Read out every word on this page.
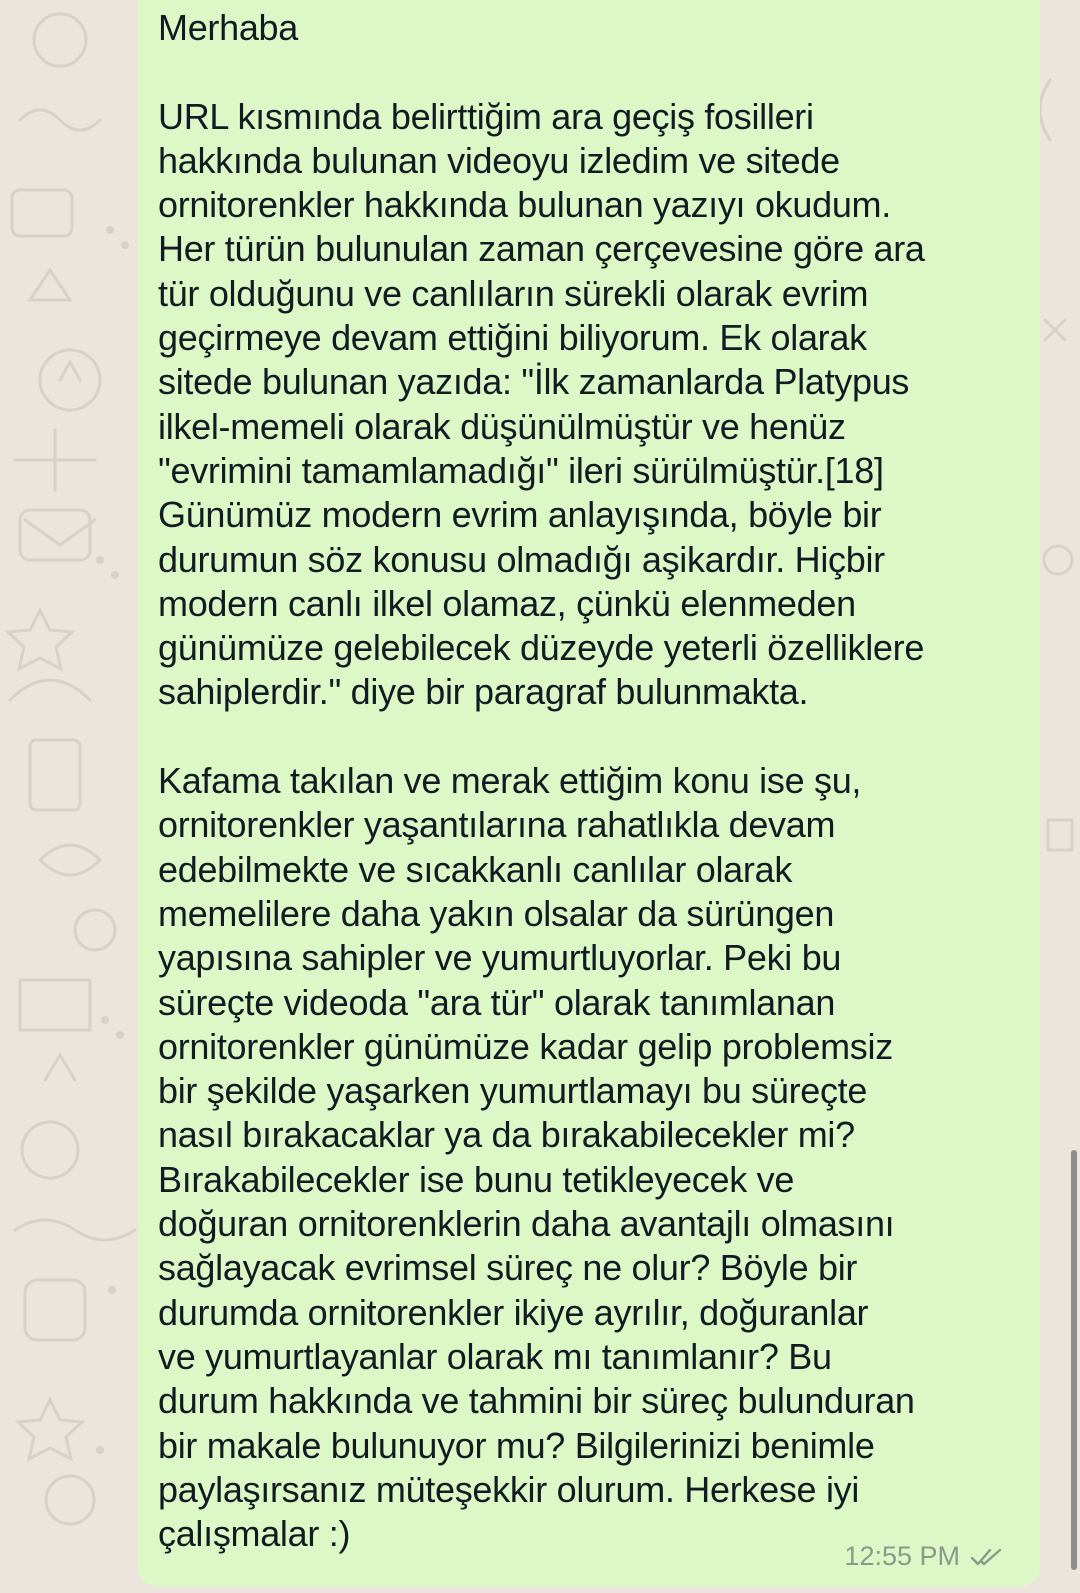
Merhaba

URL kısmında belirttiğim ara geçiş fosilleri
hakkında bulunan videoyu izledim ve sitede
ornitorenkler hakkında bulunan yazıyı okudum.
Her türün bulunulan zaman çerçevesine göre ara
tür olduğunu ve canlıların sürekli olarak evrim
geçirmeye devam ettiğini biliyorum. Ek olarak
sitede bulunan yazıda: "İlk zamanlarda Platypus
ilkel-memeli olarak düşünülmüştür ve henüz
"evrimini tamamlamadığı" ileri sürülmüştür.[18]
Günümüz modern evrim anlayışında, böyle bir
durumun söz konusu olmadığı aşikardır. Hiçbir
modern canlı ilkel olamaz, çünkü elenmeden
günümüze gelebilecek düzeyde yeterli özelliklere
sahiplerdir." diye bir paragraf bulunmakta.

Kafama takılan ve merak ettiğim konu ise şu,
ornitorenkler yaşantılarına rahatlıkla devam
edebilmekte ve sıcakkanlı canlılar olarak
memelilere daha yakın olsalar da sürüngen
yapısına sahipler ve yumurtluyorlar. Peki bu
süreçte videoda "ara tür" olarak tanımlanan
ornitorenkler günümüze kadar gelip problemsiz
bir şekilde yaşarken yumurtlamayı bu süreçte
nasıl bırakacaklar ya da bırakabilecekler mi?
Bırakabilecekler ise bunu tetikleyecek ve
doğuran ornitorenklerin daha avantajlı olmasını
sağlayacak evrimsel süreç ne olur? Böyle bir
durumda ornitorenkler ikiye ayrılır, doğuranlar
ve yumurtlayanlar olarak mı tanımlanır? Bu
durum hakkında ve tahmini bir süreç bulunduran
bir makale bulunuyor mu? Bilgilerinizi benimle
paylaşırsanız müteşekkir olurum. Herkese iyi
çalışmalar :)

12:55 PM
